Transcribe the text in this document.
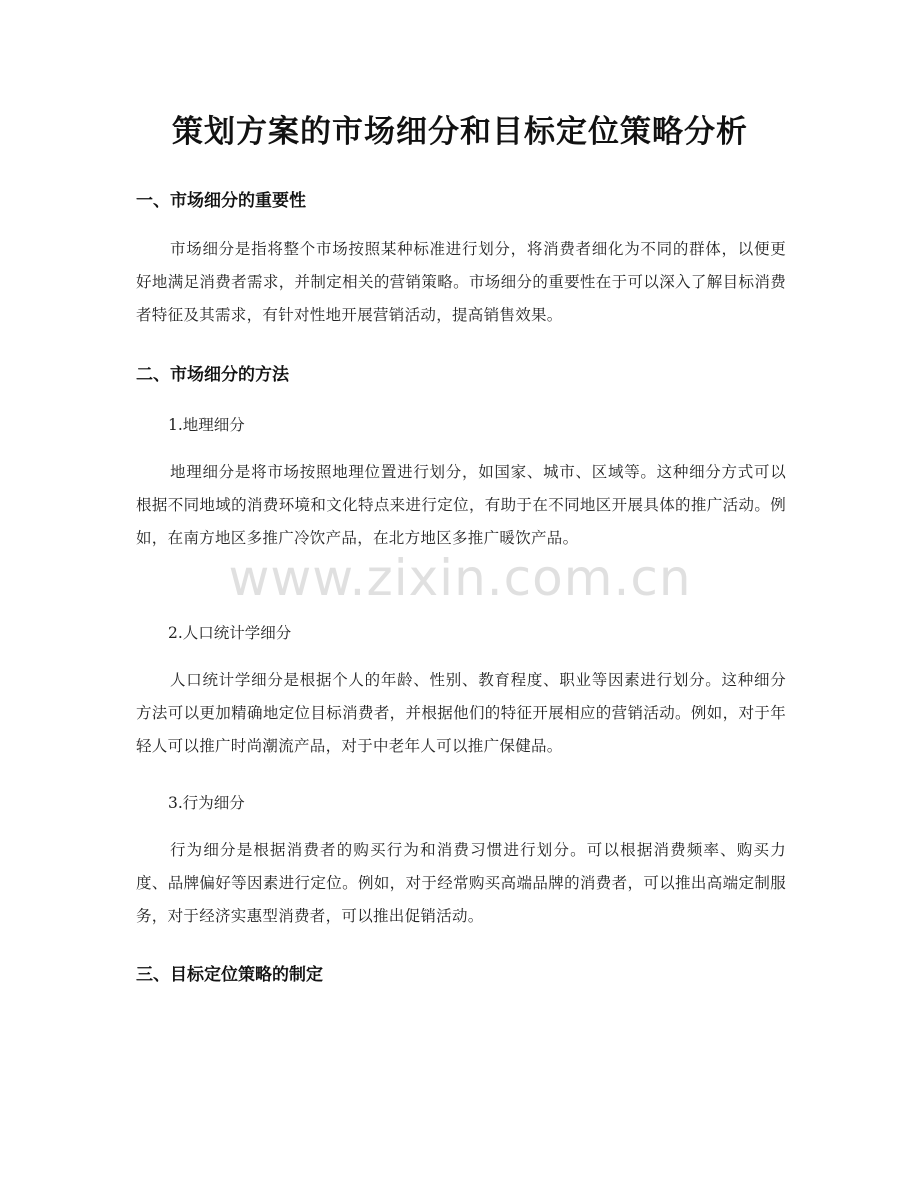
策划方案的市场细分和目标定位策略分析
一、市场细分的重要性
市场细分是指将整个市场按照某种标准进行划分，将消费者细化为不同的群体，以便更好地满足消费者需求，并制定相关的营销策略。市场细分的重要性在于可以深入了解目标消费者特征及其需求，有针对性地开展营销活动，提高销售效果。
二、市场细分的方法
1.地理细分
地理细分是将市场按照地理位置进行划分，如国家、城市、区域等。这种细分方式可以根据不同地域的消费环境和文化特点来进行定位，有助于在不同地区开展具体的推广活动。例如，在南方地区多推广冷饮产品，在北方地区多推广暖饮产品。
2.人口统计学细分
人口统计学细分是根据个人的年龄、性别、教育程度、职业等因素进行划分。这种细分方法可以更加精确地定位目标消费者，并根据他们的特征开展相应的营销活动。例如，对于年轻人可以推广时尚潮流产品，对于中老年人可以推广保健品。
3.行为细分
行为细分是根据消费者的购买行为和消费习惯进行划分。可以根据消费频率、购买力度、品牌偏好等因素进行定位。例如，对于经常购买高端品牌的消费者，可以推出高端定制服务，对于经济实惠型消费者，可以推出促销活动。
三、目标定位策略的制定
www.zixin.com.cn
